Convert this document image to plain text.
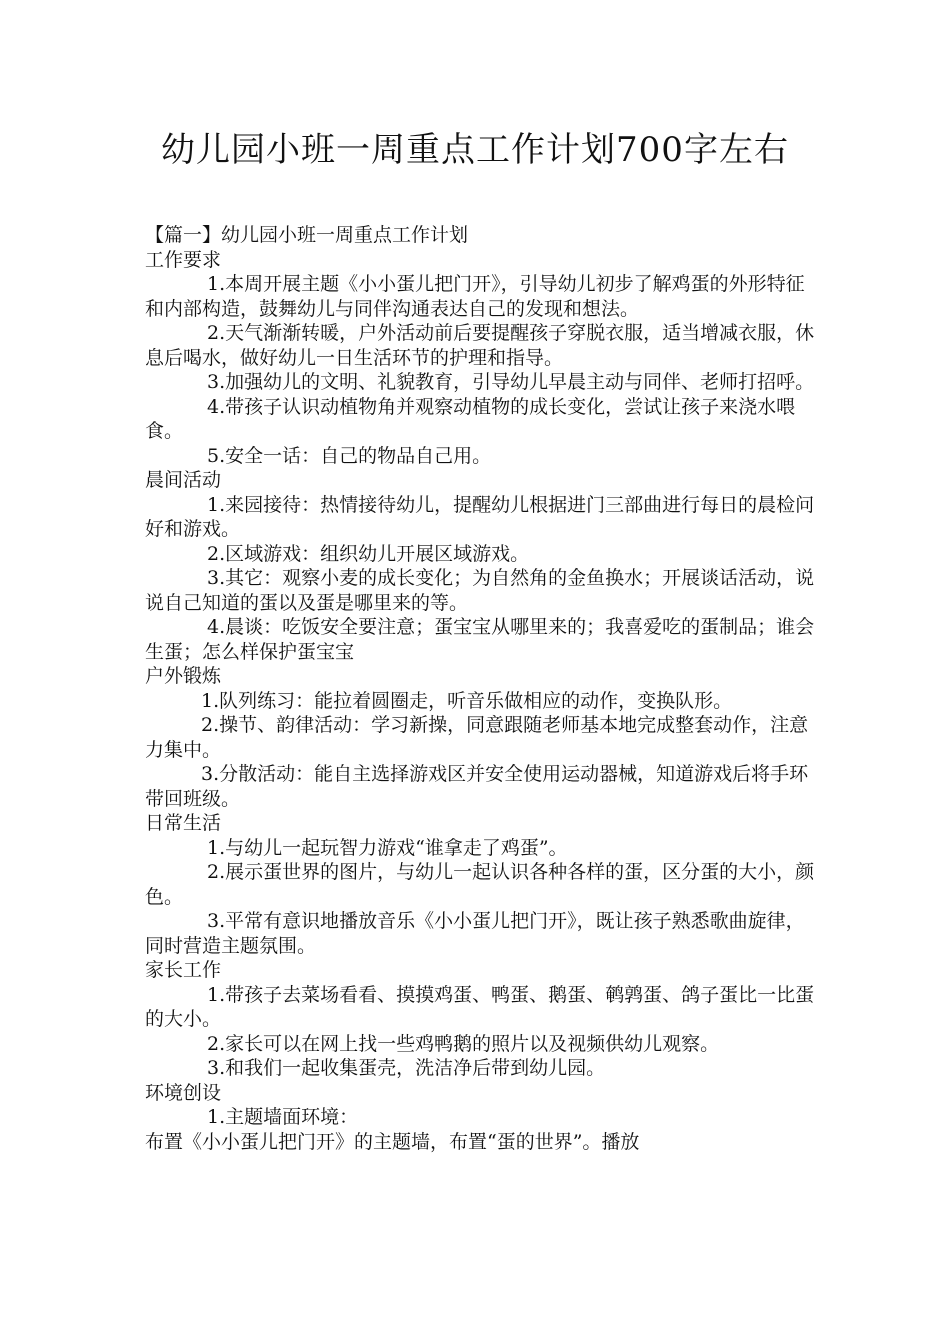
幼儿园小班一周重点工作计划700字左右

【篇一】幼儿园小班一周重点工作计划

工作要求

1.本周开展主题《小小蛋儿把门开》，引导幼儿初步了解鸡蛋的外形特征和内部构造，鼓舞幼儿与同伴沟通表达自己的发现和想法。

2.天气渐渐转暖，户外活动前后要提醒孩子穿脱衣服，适当增减衣服，休息后喝水，做好幼儿一日生活环节的护理和指导。

3.加强幼儿的文明、礼貌教育，引导幼儿早晨主动与同伴、老师打招呼。

4.带孩子认识动植物角并观察动植物的成长变化，尝试让孩子来浇水喂食。

5.安全一话：自己的物品自己用。

晨间活动

1.来园接待：热情接待幼儿，提醒幼儿根据进门三部曲进行每日的晨检问好和游戏。

2.区域游戏：组织幼儿开展区域游戏。

3.其它：观察小麦的成长变化；为自然角的金鱼换水；开展谈话活动，说说自己知道的蛋以及蛋是哪里来的等。

4.晨谈：吃饭安全要注意；蛋宝宝从哪里来的；我喜爱吃的蛋制品；谁会生蛋；怎么样保护蛋宝宝

户外锻炼

1.队列练习：能拉着圆圈走，听音乐做相应的动作，变换队形。

2.操节、韵律活动：学习新操，同意跟随老师基本地完成整套动作，注意力集中。

3.分散活动：能自主选择游戏区并安全使用运动器械，知道游戏后将手环带回班级。

日常生活

1.与幼儿一起玩智力游戏“谁拿走了鸡蛋”。

2.展示蛋世界的图片，与幼儿一起认识各种各样的蛋，区分蛋的大小，颜色。

3.平常有意识地播放音乐《小小蛋儿把门开》，既让孩子熟悉歌曲旋律，同时营造主题氛围。

家长工作

1.带孩子去菜场看看、摸摸鸡蛋、鸭蛋、鹅蛋、鹌鹑蛋、鸽子蛋比一比蛋的大小。

2.家长可以在网上找一些鸡鸭鹅的照片以及视频供幼儿观察。

3.和我们一起收集蛋壳，洗洁净后带到幼儿园。

环境创设

1.主题墙面环境：

布置《小小蛋儿把门开》的主题墙，布置“蛋的世界”。播放
